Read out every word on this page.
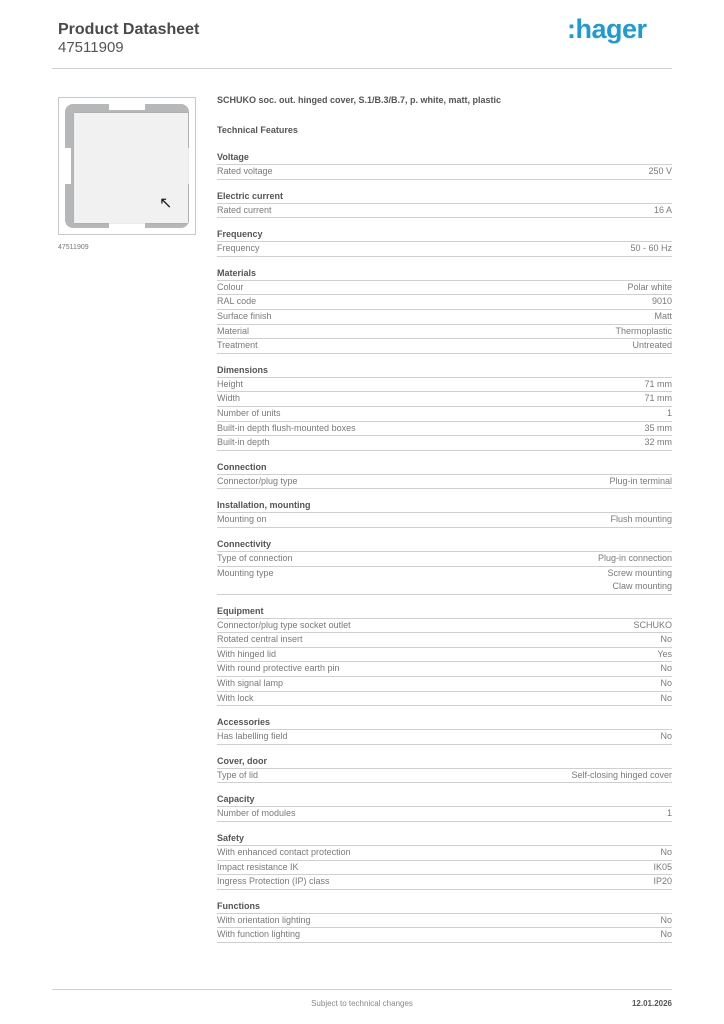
Product Datasheet
47511909
:hager
↖
47511909
SCHUKO soc. out. hinged cover, S.1/B.3/B.7, p. white, matt, plastic
Technical Features
Voltage
Rated voltage	250 V
Electric current
Rated current	16 A
Frequency
Frequency	50 - 60 Hz
Materials
Colour	Polar white
RAL code	9010
Surface finish	Matt
Material	Thermoplastic
Treatment	Untreated
Dimensions
Height	71 mm
Width	71 mm
Number of units	1
Built-in depth flush-mounted boxes	35 mm
Built-in depth	32 mm
Connection
Connector/plug type	Plug-in terminal
Installation, mounting
Mounting on	Flush mounting
Connectivity
Type of connection	Plug-in connection
Mounting type	Screw mounting
Claw mounting
Equipment
Connector/plug type socket outlet	SCHUKO
Rotated central insert	No
With hinged lid	Yes
With round protective earth pin	No
With signal lamp	No
With lock	No
Accessories
Has labelling field	No
Cover, door
Type of lid	Self-closing hinged cover
Capacity
Number of modules	1
Safety
With enhanced contact protection	No
Impact resistance IK	IK05
Ingress Protection (IP) class	IP20
Functions
With orientation lighting	No
With function lighting	No
Subject to technical changes	12.01.2026
